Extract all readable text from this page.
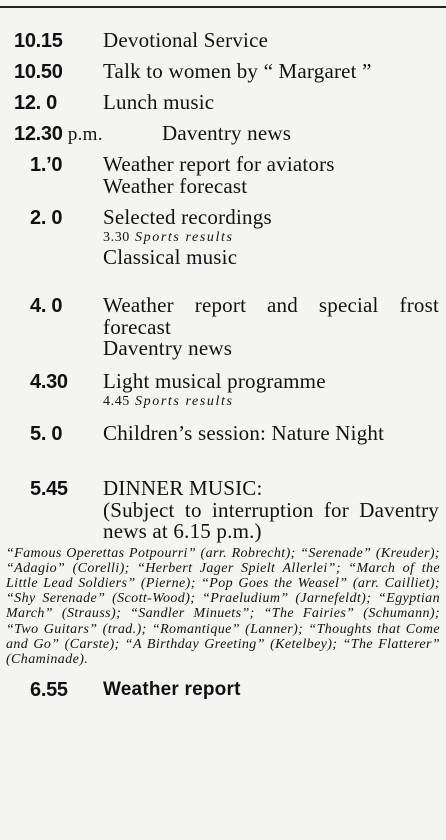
10.15 Devotional Service
10.50 Talk to women by “ Margaret ”
12. 0 Lunch music
12.30 p.m.	Daventry news
1.ʼ0 Weather report for aviators
Weather forecast
2. 0 Selected recordings
3.30 Sports results
Classical music
4. 0 Weather report and special frost forecast
Daventry news
4.30 Light musical programme
4.45 Sports results
5. 0 Children’s session: Nature Night
5.45 DINNER MUSIC:
(Subject to interruption for Daventry news at 6.15 p.m.)
“Famous Operettas Potpourri” (arr. Robrecht); “Serenade” (Kreuder); “Adagio” (Corelli); “Herbert Jager Spielt Allerlei”; “March of the Little Lead Soldiers” (Pierne); “Pop Goes the Weasel” (arr. Cailliet); “Shy Serenade” (Scott-Wood); “Praeludium” (Jarnefeldt); “Egyptian March” (Strauss); “Sandler Minuets”; “The Fairies” (Schumann); “Two Guitars” (trad.); “Romantique” (Lanner); “Thoughts that Come and Go” (Carste); “A Birthday Greeting” (Ketelbey); “The Flatterer” (Chaminade).
6.55 Weather report
